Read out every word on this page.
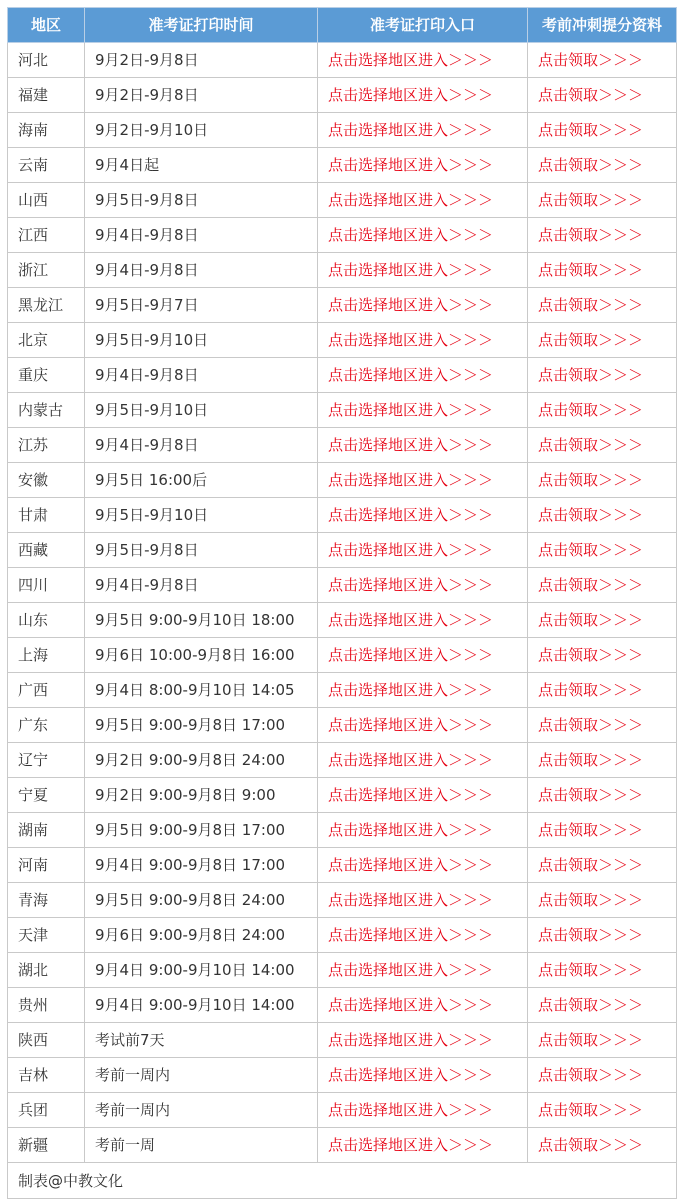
地区	准考证打印时间	准考证打印入口	考前冲刺提分资料
河北	9月2日-9月8日	点击选择地区进入＞＞＞	点击领取＞＞＞
福建	9月2日-9月8日	点击选择地区进入＞＞＞	点击领取＞＞＞
海南	9月2日-9月10日	点击选择地区进入＞＞＞	点击领取＞＞＞
云南	9月4日起	点击选择地区进入＞＞＞	点击领取＞＞＞
山西	9月5日-9月8日	点击选择地区进入＞＞＞	点击领取＞＞＞
江西	9月4日-9月8日	点击选择地区进入＞＞＞	点击领取＞＞＞
浙江	9月4日-9月8日	点击选择地区进入＞＞＞	点击领取＞＞＞
黑龙江	9月5日-9月7日	点击选择地区进入＞＞＞	点击领取＞＞＞
北京	9月5日-9月10日	点击选择地区进入＞＞＞	点击领取＞＞＞
重庆	9月4日-9月8日	点击选择地区进入＞＞＞	点击领取＞＞＞
内蒙古	9月5日-9月10日	点击选择地区进入＞＞＞	点击领取＞＞＞
江苏	9月4日-9月8日	点击选择地区进入＞＞＞	点击领取＞＞＞
安徽	9月5日 16:00后	点击选择地区进入＞＞＞	点击领取＞＞＞
甘肃	9月5日-9月10日	点击选择地区进入＞＞＞	点击领取＞＞＞
西藏	9月5日-9月8日	点击选择地区进入＞＞＞	点击领取＞＞＞
四川	9月4日-9月8日	点击选择地区进入＞＞＞	点击领取＞＞＞
山东	9月5日 9:00-9月10日 18:00	点击选择地区进入＞＞＞	点击领取＞＞＞
上海	9月6日 10:00-9月8日 16:00	点击选择地区进入＞＞＞	点击领取＞＞＞
广西	9月4日 8:00-9月10日 14:05	点击选择地区进入＞＞＞	点击领取＞＞＞
广东	9月5日 9:00-9月8日 17:00	点击选择地区进入＞＞＞	点击领取＞＞＞
辽宁	9月2日 9:00-9月8日 24:00	点击选择地区进入＞＞＞	点击领取＞＞＞
宁夏	9月2日 9:00-9月8日 9:00	点击选择地区进入＞＞＞	点击领取＞＞＞
湖南	9月5日 9:00-9月8日 17:00	点击选择地区进入＞＞＞	点击领取＞＞＞
河南	9月4日 9:00-9月8日 17:00	点击选择地区进入＞＞＞	点击领取＞＞＞
青海	9月5日 9:00-9月8日 24:00	点击选择地区进入＞＞＞	点击领取＞＞＞
天津	9月6日 9:00-9月8日 24:00	点击选择地区进入＞＞＞	点击领取＞＞＞
湖北	9月4日 9:00-9月10日 14:00	点击选择地区进入＞＞＞	点击领取＞＞＞
贵州	9月4日 9:00-9月10日 14:00	点击选择地区进入＞＞＞	点击领取＞＞＞
陕西	考试前7天	点击选择地区进入＞＞＞	点击领取＞＞＞
吉林	考前一周内	点击选择地区进入＞＞＞	点击领取＞＞＞
兵团	考前一周内	点击选择地区进入＞＞＞	点击领取＞＞＞
新疆	考前一周	点击选择地区进入＞＞＞	点击领取＞＞＞
制表@中教文化			
